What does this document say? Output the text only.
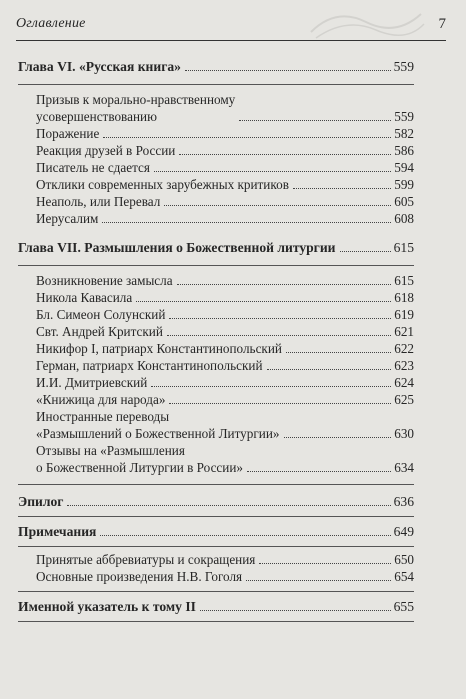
Оглавление	7
Глава VI. «Русская книга»	559
Призыв к морально-нравственному
усовершенствованию	559
Поражение	582
Реакция друзей в России	586
Писатель не сдается	594
Отклики современных зарубежных критиков	599
Неаполь, или Перевал	605
Иерусалим	608
Глава VII. Размышления о Божественной литургии	615
Возникновение замысла	615
Никола Кавасила	618
Бл. Симеон Солунский	619
Свт. Андрей Критский	621
Никифор I, патриарх Константинопольский	622
Герман, патриарх Константинопольский	623
И.И. Дмитриевский	624
«Книжица для народа»	625
Иностранные переводы
«Размышлений о Божественной Литургии»	630
Отзывы на «Размышления
о Божественной Литургии в России»	634
Эпилог	636
Примечания	649
Принятые аббревиатуры и сокращения	650
Основные произведения Н.В. Гоголя	654
Именной указатель к тому II	655
